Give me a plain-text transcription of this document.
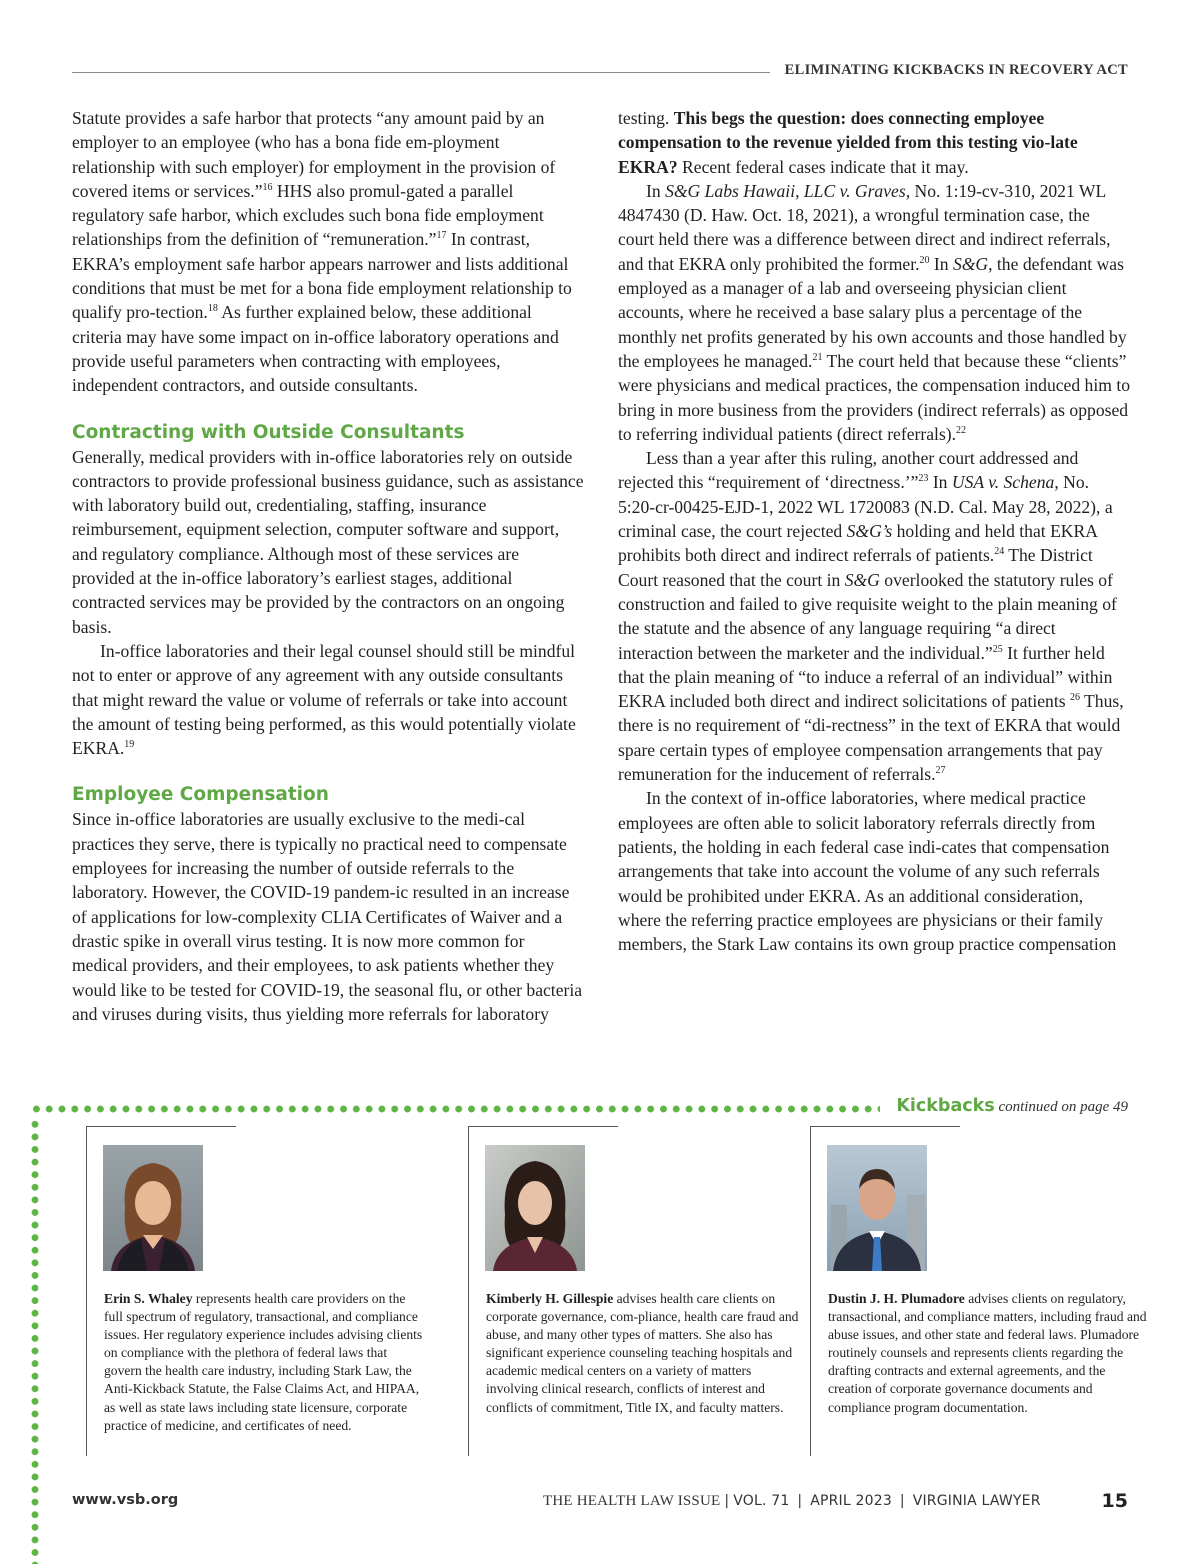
ELIMINATING KICKBACKS IN RECOVERY ACT

Statute provides a safe harbor that protects “any amount paid by an employer to an employee (who has a bona fide em-ployment relationship with such employer) for employment in the provision of covered items or services.”$^{16}$ HHS also promul-gated a parallel regulatory safe harbor, which excludes such bona fide employment relationships from the definition of “remuneration.”$^{17}$ In contrast, EKRA’s employment safe harbor appears narrower and lists additional conditions that must be met for a bona fide employment relationship to qualify pro-tection.$^{18}$ As further explained below, these additional criteria may have some impact on in-office laboratory operations and provide useful parameters when contracting with employees, independent contractors, and outside consultants.

Contracting with Outside Consultants

Generally, medical providers with in-office laboratories rely on outside contractors to provide professional business guidance, such as assistance with laboratory build out, credentialing, staffing, insurance reimbursement, equipment selection, computer software and support, and regulatory compliance. Although most of these services are provided at the in-office laboratory’s earliest stages, additional contracted services may be provided by the contractors on an ongoing basis.

In-office laboratories and their legal counsel should still be mindful not to enter or approve of any agreement with any outside consultants that might reward the value or volume of referrals or take into account the amount of testing being performed, as this would potentially violate EKRA.$^{19}$

Employee Compensation

Since in-office laboratories are usually exclusive to the medi-cal practices they serve, there is typically no practical need to compensate employees for increasing the number of outside referrals to the laboratory. However, the COVID-19 pandem-ic resulted in an increase of applications for low-complexity CLIA Certificates of Waiver and a drastic spike in overall virus testing. It is now more common for medical providers, and their employees, to ask patients whether they would like to be tested for COVID-19, the seasonal flu, or other bacteria and viruses during visits, thus yielding more referrals for laboratory

testing. This begs the question: does connecting employee compensation to the revenue yielded from this testing vio-late EKRA? Recent federal cases indicate that it may.

In S&G Labs Hawaii, LLC v. Graves, No. 1:19-cv-310, 2021 WL 4847430 (D. Haw. Oct. 18, 2021), a wrongful termination case, the court held there was a difference between direct and indirect referrals, and that EKRA only prohibited the former.$^{20}$ In S&G, the defendant was employed as a manager of a lab and overseeing physician client accounts, where he received a base salary plus a percentage of the monthly net profits generated by his own accounts and those handled by the employees he managed.$^{21}$ The court held that because these “clients” were physicians and medical practices, the compensation induced him to bring in more business from the providers (indirect referrals) as opposed to referring individual patients (direct referrals).$^{22}$

Less than a year after this ruling, another court addressed and rejected this “requirement of ‘directness.’”$^{23}$ In USA v. Schena, No. 5:20-cr-00425-EJD-1, 2022 WL 1720083 (N.D. Cal. May 28, 2022), a criminal case, the court rejected S&G’s holding and held that EKRA prohibits both direct and indirect referrals of patients.$^{24}$ The District Court reasoned that the court in S&G overlooked the statutory rules of construction and failed to give requisite weight to the plain meaning of the statute and the absence of any language requiring “a direct interaction between the marketer and the individual.”$^{25}$ It further held that the plain meaning of “to induce a referral of an individual” within EKRA included both direct and indirect solicitations of patients $^{26}$ Thus, there is no requirement of “di-rectness” in the text of EKRA that would spare certain types of employee compensation arrangements that pay remuneration for the inducement of referrals.$^{27}$

In the context of in-office laboratories, where medical practice employees are often able to solicit laboratory referrals directly from patients, the holding in each federal case indi-cates that compensation arrangements that take into account the volume of any such referrals would be prohibited under EKRA. As an additional consideration, where the referring practice employees are physicians or their family members, the Stark Law contains its own group practice compensation

Kickbacks continued on page 49
Erin S. Whaley represents health care providers on the full spectrum of regulatory, transactional, and compliance issues. Her regulatory experience includes advising clients on compliance with the plethora of federal laws that govern the health care industry, including Stark Law, the Anti-Kickback Statute, the False Claims Act, and HIPAA, as well as state laws including state licensure, corporate practice of medicine, and certificates of need.
Kimberly H. Gillespie advises health care clients on corporate governance, com-pliance, health care fraud and abuse, and many other types of matters. She also has significant experience counseling teaching hospitals and academic medical centers on a variety of matters involving clinical research, conflicts of interest and conflicts of commitment, Title IX, and faculty matters.
Dustin J. H. Plumadore advises clients on regulatory, transactional, and compliance matters, including fraud and abuse issues, and other state and federal laws. Plumadore routinely counsels and represents clients regarding the drafting contracts and external agreements, and the creation of corporate governance documents and compliance program documentation.
www.vsb.org	THE HEALTH LAW ISSUE | VOL. 71 | APRIL 2023 | VIRGINIA LAWYER	15
